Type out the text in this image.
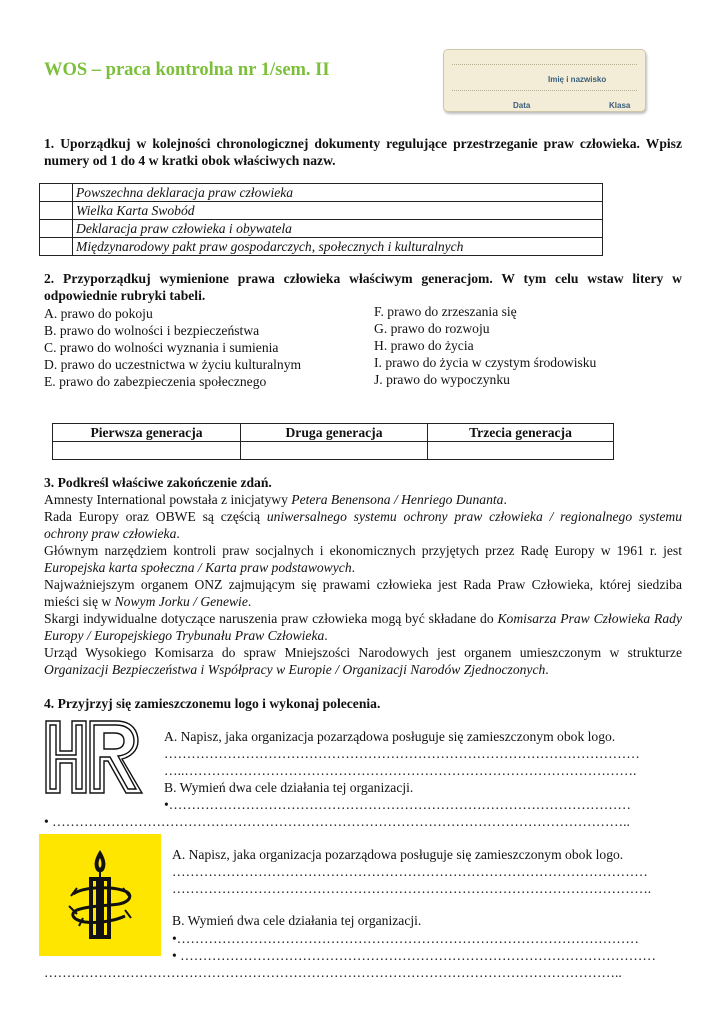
WOS – praca kontrolna nr 1/sem. II	Imię i nazwisko
Data	Klasa
1. Uporządkuj w kolejności chronologicznej dokumenty regulujące przestrzeganie praw człowieka. Wpisz numery od 1 do 4 w kratki obok właściwych nazw.
	Powszechna deklaracja praw człowieka
	Wielka Karta Swobód
	Deklaracja praw człowieka i obywatela
	Międzynarodowy pakt praw gospodarczych, społecznych i kulturalnych
2. Przyporządkuj wymienione prawa człowieka właściwym generacjom. W tym celu wstaw litery w odpowiednie rubryki tabeli.
A. prawo do pokoju
B. prawo do wolności i bezpieczeństwa
C. prawo do wolności wyznania i sumienia
D. prawo do uczestnictwa w życiu kulturalnym
E. prawo do zabezpieczenia społecznego
F. prawo do zrzeszania się
G. prawo do rozwoju
H. prawo do życia
I. prawo do życia w czystym środowisku
J. prawo do wypoczynku
Pierwsza generacja	Druga generacja	Trzecia generacja

3. Podkreśl właściwe zakończenie zdań.
Amnesty International powstała z inicjatywy Petera Benensona / Henriego Dunanta.
Rada Europy oraz OBWE są częścią uniwersalnego systemu ochrony praw człowieka / regionalnego systemu ochrony praw człowieka.
Głównym narzędziem kontroli praw socjalnych i ekonomicznych przyjętych przez Radę Europy w 1961 r. jest Europejska karta społeczna / Karta praw podstawowych.
Najważniejszym organem ONZ zajmującym się prawami człowieka jest Rada Praw Człowieka, której siedziba mieści się w Nowym Jorku / Genewie.
Skargi indywidualne dotyczące naruszenia praw człowieka mogą być składane do Komisarza Praw Człowieka Rady Europy / Europejskiego Trybunału Praw Człowieka.
Urząd Wysokiego Komisarza do spraw Mniejszości Narodowych jest organem umieszczonym w strukturze Organizacji Bezpieczeństwa i Współpracy w Europie / Organizacji Narodów Zjednoczonych.
4. Przyjrzyj się zamieszczonemu logo i wykonaj polecenia.
A. Napisz, jaka organizacja pozarządowa posługuje się zamieszczonym obok logo.
……………………………………………………………………………………………
…..……………………………………………………………………………………….
B. Wymień dwa cele działania tej organizacji.
•…………………………………………………………………………………………
• ………………………………………………………………………………………………………………..
A. Napisz, jaka organizacja pozarządowa posługuje się zamieszczonym obok logo.
……………………………………………………………………………………………
…………………………………………………………………………………………….
B. Wymień dwa cele działania tej organizacji.
•…………………………………………………………………………………………
• ……………………………………………………………………………………………
………………………………………………………………………………………………………………..
